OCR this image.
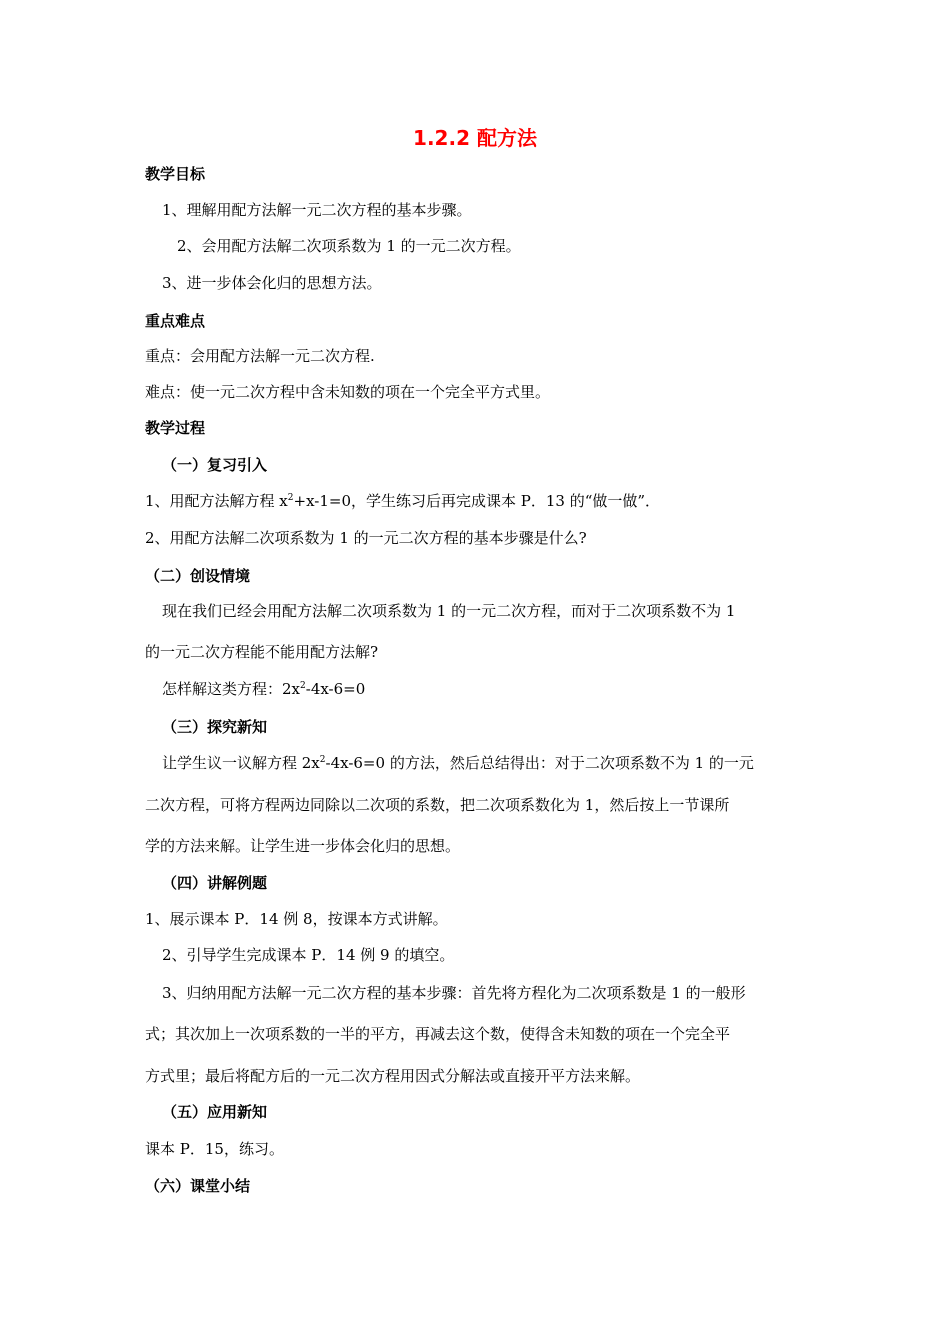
1.2.2 配方法
教学目标
1、理解用配方法解一元二次方程的基本步骤。
2、会用配方法解二次项系数为 1 的一元二次方程。
3、进一步体会化归的思想方法。
重点难点
重点：会用配方法解一元二次方程.
难点：使一元二次方程中含未知数的项在一个完全平方式里。
教学过程
（一）复习引入
1、用配方法解方程 $x^2+x-1=0$，学生练习后再完成课本 P．13 的“做一做”．
2、用配方法解二次项系数为 1 的一元二次方程的基本步骤是什么?
（二）创设情境
现在我们已经会用配方法解二次项系数为 1 的一元二次方程，而对于二次项系数不为 1
的一元二次方程能不能用配方法解?
怎样解这类方程：$2x^2-4x-6=0$
（三）探究新知
让学生议一议解方程 $2x^2-4x-6=0$ 的方法，然后总结得出：对于二次项系数不为 1 的一元
二次方程，可将方程两边同除以二次项的系数，把二次项系数化为 1，然后按上一节课所
学的方法来解。让学生进一步体会化归的思想。
（四）讲解例题
1、展示课本 P．14 例 8，按课本方式讲解。
2、引导学生完成课本 P．14 例 9 的填空。
3、归纳用配方法解一元二次方程的基本步骤：首先将方程化为二次项系数是 1 的一般形
式；其次加上一次项系数的一半的平方，再减去这个数，使得含未知数的项在一个完全平
方式里；最后将配方后的一元二次方程用因式分解法或直接开平方法来解。
（五）应用新知
课本 P．15，练习。
（六）课堂小结
